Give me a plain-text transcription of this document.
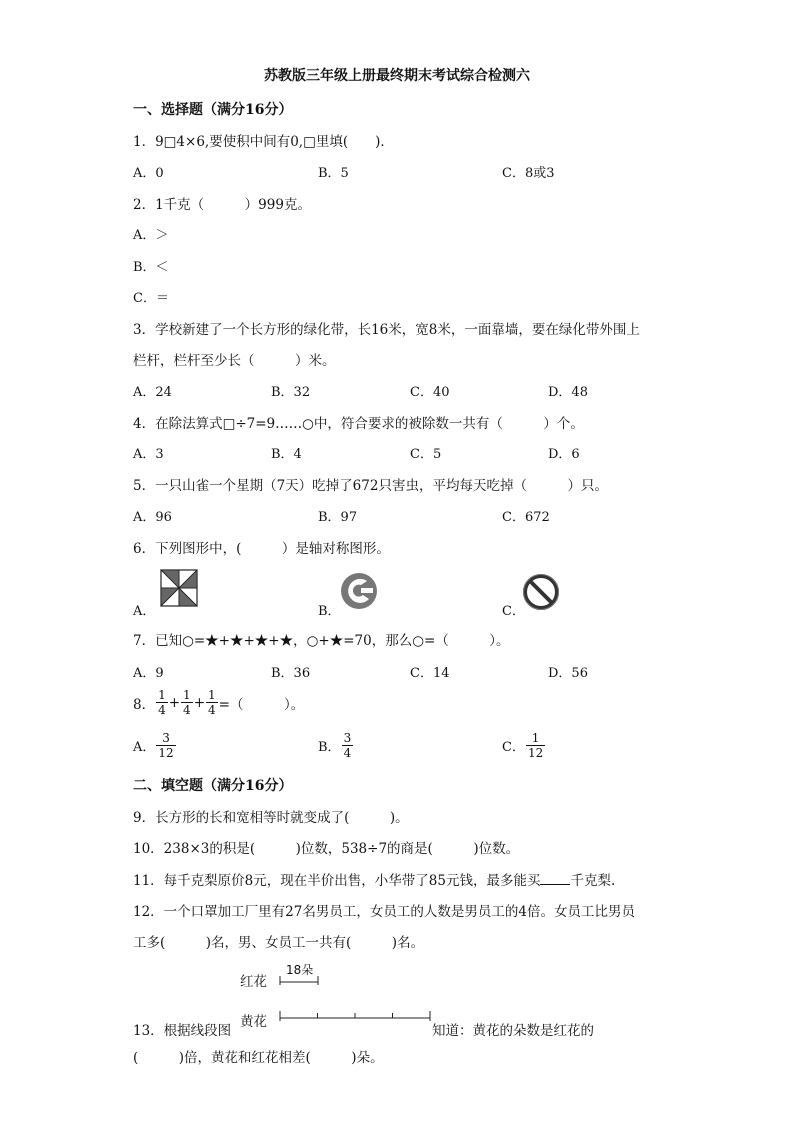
苏教版三年级上册最终期末考试综合检测六
一、选择题（满分16分）
1．9□4×6,要使积中间有0,□里填(　　)．
A．0	B．5	C．8或3
2．1千克（　　　）999克。
A．＞
B．＜
C．＝
3．学校新建了一个长方形的绿化带，长16米，宽8米，一面靠墙，要在绿化带外围上
栏杆，栏杆至少长（　　　）米。
A．24	B．32	C．40	D．48
4．在除法算式□÷7=9……○中，符合要求的被除数一共有（　　　）个。
A．3	B．4	C．5	D．6
5．一只山雀一个星期（7天）吃掉了672只害虫，平均每天吃掉（　　　）只。
A．96	B．97	C．672
6．下列图形中，(　　　）是轴对称图形。
A．	B．	C．
7．已知○=★+★+★+★，○+★=70，那么○=（　　　）。
A．9	B．36	C．14	D．56
8． $\frac{1}{4} + \frac{1}{4} + \frac{1}{4}$ =（　　　）。
A． $\frac{3}{12}$	B． $\frac{3}{4}$	C． $\frac{1}{12}$
二、填空题（满分16分）
9．长方形的长和宽相等时就变成了(　　　)。
10．238×3的积是(　　　)位数，538÷7的商是(　　　)位数。
11．每千克梨原价8元，现在半价出售，小华带了85元钱，最多能买 千克梨.
12．一个口罩加工厂里有27名男员工，女员工的人数是男员工的4倍。女员工比男员
工多(　　　)名，男、女员工一共有(　　　)名。
红花
18朵
黄花
13．根据线段图	知道：黄花的朵数是红花的
(　　　)倍，黄花和红花相差(　　　)朵。
